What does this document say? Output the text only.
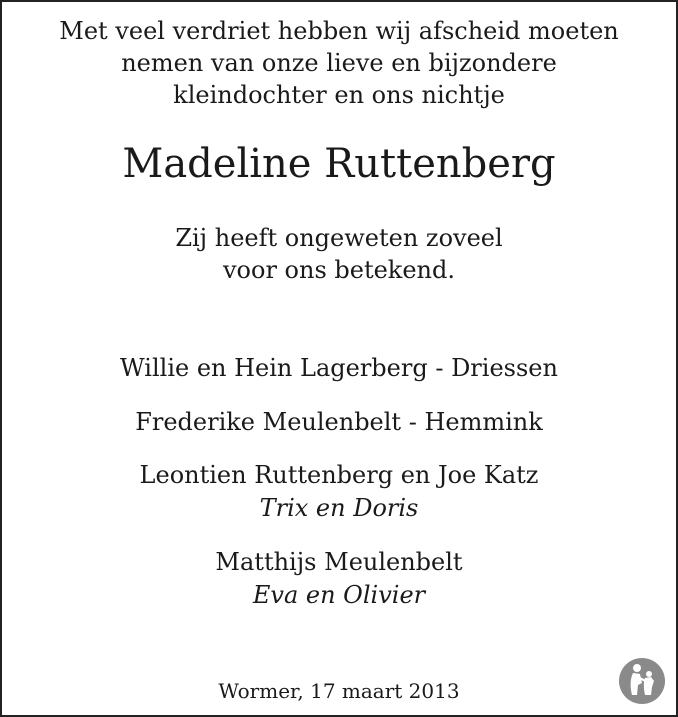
Met veel verdriet hebben wij afscheid moeten

nemen van onze lieve en bijzondere

kleindochter en ons nichtje

Madeline Ruttenberg

Zij heeft ongeweten zoveel

voor ons betekend.

Willie en Hein Lagerberg - Driessen

Frederike Meulenbelt - Hemmink

Leontien Ruttenberg en Joe Katz

Trix en Doris

Matthijs Meulenbelt

Eva en Olivier

Wormer, 17 maart 2013
